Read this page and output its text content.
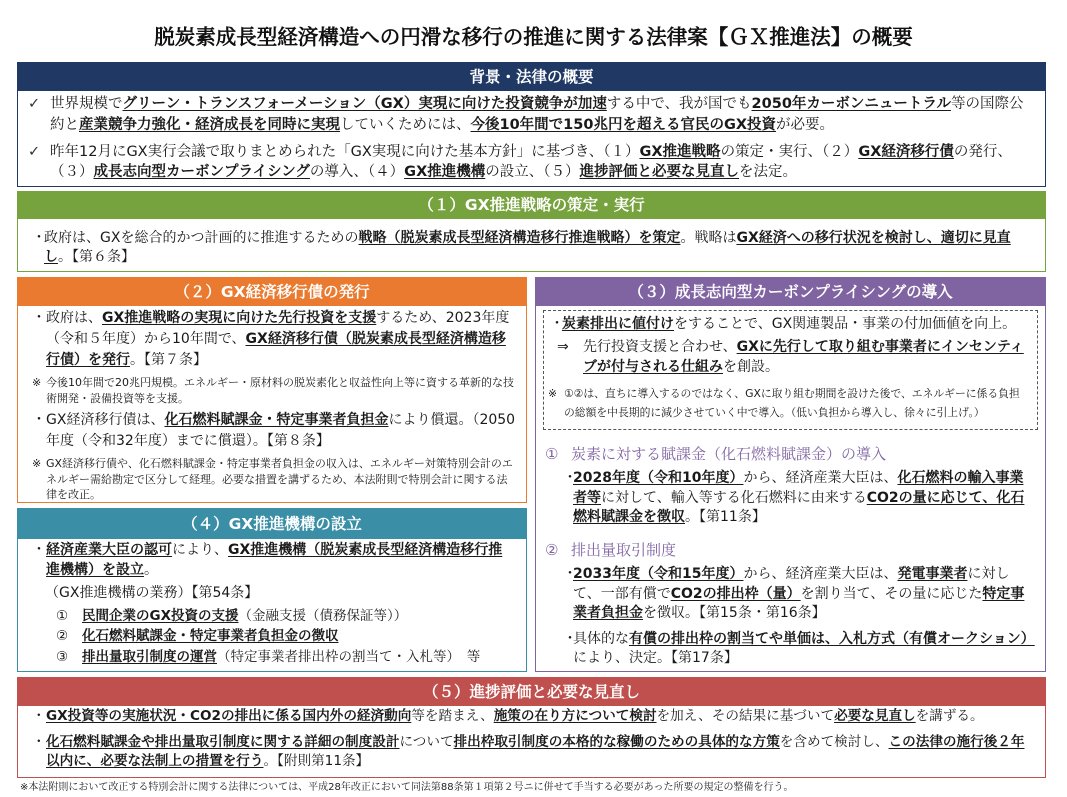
脱炭素成長型経済構造への円滑な移行の推進に関する法律案【ＧＸ推進法】の概要
背景・法律の概要
✓ 世界規模でグリーン・トランスフォーメーション（GX）実現に向けた投資競争が加速する中で、我が国でも2050年カーボンニュートラル等の国際公約と産業競争力強化・経済成長を同時に実現していくためには、今後10年間で150兆円を超える官民のGX投資が必要。
✓ 昨年12月にGX実行会議で取りまとめられた「GX実現に向けた基本方針」に基づき、（１）GX推進戦略の策定・実行、（２）GX経済移行債の発行、（３）成長志向型カーボンプライシングの導入、（４）GX推進機構の設立、（５）進捗評価と必要な見直しを法定。
（１）GX推進戦略の策定・実行
・
政府は、GXを総合的かつ計画的に推進するための戦略（脱炭素成長型経済構造移行推進戦略）を策定。戦略はGX経済への移行状況を検討し、適切に見直し。【第６条】
（２）GX経済移行債の発行
・ 政府は、GX推進戦略の実現に向けた先行投資を支援するため、2023年度（令和５年度）から10年間で、GX経済移行債（脱炭素成長型経済構造移行債）を発行。【第７条】
※ 今後10年間で20兆円規模。エネルギー・原材料の脱炭素化と収益性向上等に資する革新的な技術開発・設備投資等を支援。
・ GX経済移行債は、化石燃料賦課金・特定事業者負担金により償還。（2050年度（令和32年度）までに償還）。【第８条】
※ GX経済移行債や、化石燃料賦課金・特定事業者負担金の収入は、エネルギー対策特別会計のエネルギー需給勘定で区分して経理。必要な措置を講ずるため、本法附則で特別会計に関する法律を改正。
（４）GX推進機構の設立
・ 経済産業大臣の認可により、GX推進機構（脱炭素成長型経済構造移行推進機構）を設立。
（GX推進機構の業務）【第54条】
①	民間企業のGX投資の支援（金融支援（債務保証等））
②	化石燃料賦課金・特定事業者負担金の徴収
③	排出量取引制度の運営（特定事業者排出枠の割当て・入札等）　等
（３）成長志向型カーボンプライシングの導入
・
炭素排出に値付けをすることで、GX関連製品・事業の付加価値を向上。
⇒	先行投資支援と合わせ、GXに先行して取り組む事業者にインセンティブが付与される仕組みを創設。
※ ①②は、直ちに導入するのではなく、GXに取り組む期間を設けた後で、エネルギーに係る負担の総額を中長期的に減少させていく中で導入。（低い負担から導入し、徐々に引上げ。）
① 炭素に対する賦課金（化石燃料賦課金）の導入
・
2028年度（令和10年度）から、経済産業大臣は、化石燃料の輸入事業者等に対して、輸入等する化石燃料に由来するCO2の量に応じて、化石燃料賦課金を徴収。【第11条】
② 排出量取引制度
・
2033年度（令和15年度）から、経済産業大臣は、発電事業者に対して、一部有償でCO2の排出枠（量）を割り当て、その量に応じた特定事業者負担金を徴収。【第15条・第16条】
・
具体的な有償の排出枠の割当てや単価は、入札方式（有償オークション）により、決定。【第17条】
（５）進捗評価と必要な見直し
・ GX投資等の実施状況・CO2の排出に係る国内外の経済動向等を踏まえ、施策の在り方について検討を加え、その結果に基づいて必要な見直しを講ずる。
・ 化石燃料賦課金や排出量取引制度に関する詳細の制度設計について排出枠取引制度の本格的な稼働のための具体的な方策を含めて検討し、この法律の施行後２年以内に、必要な法制上の措置を行う。【附則第11条】
※本法附則において改正する特別会計に関する法律については、平成28年改正において同法第88条第１項第２号ニに併せて手当する必要があった所要の規定の整備を行う。
